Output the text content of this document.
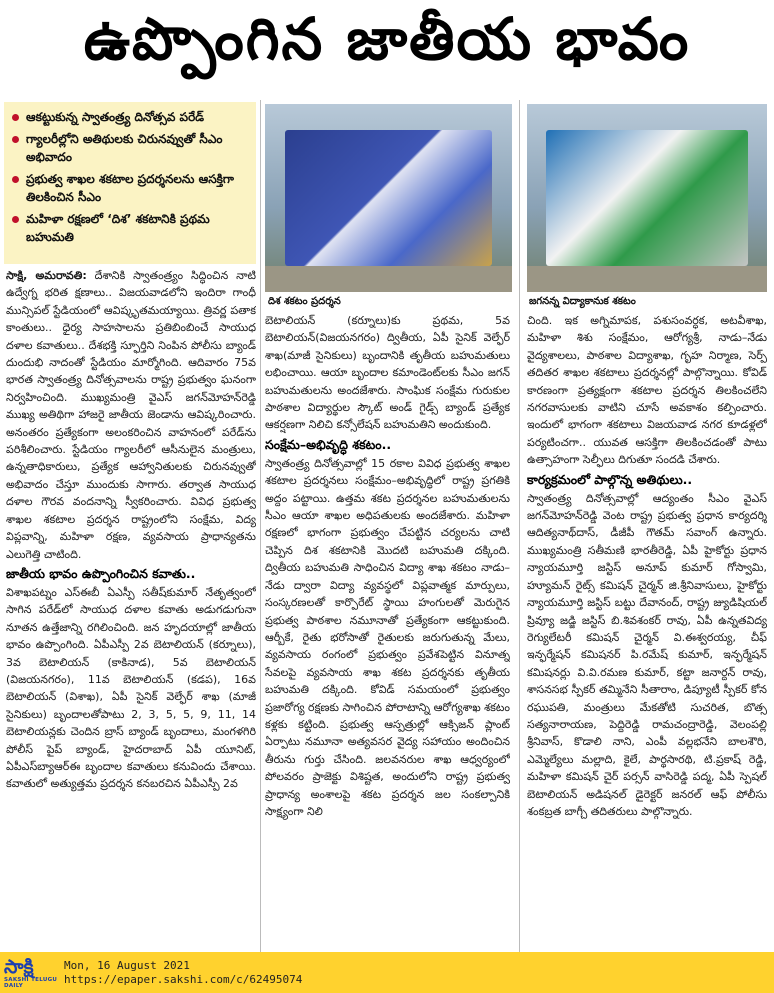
ఉప్పొంగిన జాతీయ భావం
ఆకట్టుకున్న స్వాతంత్ర్య దినోత్సవ పరేడ్
గ్యాలరీల్లోని అతిథులకు చిరునవ్వుతో సీఎం అభివాదం
ప్రభుత్వ శాఖల శకటాల ప్రదర్శనలను ఆసక్తిగా తిలకించిన సీఎం
మహిళా రక్షణలో ‘దిశ’ శకటానికి ప్రథమ బహుమతి
దిశ శకటం ప్రదర్శన	జగనన్న విద్యాకానుక శకటం

సాక్షి, అమరావతి: దేశానికి స్వాతంత్ర్యం సిద్ధించిన నాటి ఉద్వేగ్న భరిత క్షణాలు.. విజయవాడలోని ఇందిరా గాంధీ మున్సిపల్‌ స్టేడియంలో ఆవిష్కృతమయ్యాయి. త్రివర్ణ పతాక కాంతులు.. ధైర్య సాహసాలను ప్రతిబింబించే సాయుధ దళాల కవాతులు.. దేశభక్తి స్ఫూర్తిని నింపిన పోలీసు బ్యాండ్‌ దుందుభి నాదంతో స్టేడియం మార్మోగింది. ఆదివారం 75వ భారత స్వాతంత్ర్య దినోత్సవాలను రాష్ట్ర ప్రభుత్వం ఘనంగా నిర్వహించింది. ముఖ్యమంత్రి వైఎస్‌ జగన్‌మోహన్‌రెడ్డి ముఖ్య అతిథిగా హాజరై జాతీయ జెండాను ఆవిష్కరించారు. అనంతరం ప్రత్యేకంగా అలంకరించిన వాహనంలో పరేడ్‌ను పరిశీలించారు. స్టేడియం గ్యాలరీలో ఆసీనులైన మంత్రులు, ఉన్నతాధికారులు, ప్రత్యేక ఆహ్వానితులకు చిరునవ్వుతో అభివాదం చేస్తూ ముందుకు సాగారు. తర్వాత సాయుధ దళాల గౌరవ వందనాన్ని స్వీకరించారు. వివిధ ప్రభుత్వ శాఖల శకటాల ప్రదర్శన రాష్ట్రంలోని సంక్షేమ, విద్య విప్లవాన్ని, మహిళా రక్షణ, వ్యవసాయ ప్రాధాన్యతను ఎలుగెత్తి చాటింది.

జాతీయ భావం ఉప్పొంగించిన కవాతు..

విశాఖపట్నం ఎస్‌ఈబీ ఏఎస్పీ సతీష్‌కుమార్‌ నేతృత్వంలో సాగిన పరేడ్‌లో సాయుధ దళాల కవాతు అడుగడుగునా నూతన ఉత్తేజాన్ని రగిలించింది. జన హృదయాల్లో జాతీయ భావం ఉప్పొంగింది. ఏపీఎస్పీ 2వ బెటాలియన్‌ (కర్నూలు), 3వ బెటాలియన్‌ (కాకినాడ), 5వ బెటాలియన్‌ (విజయనగరం), 11వ బెటాలియన్‌ (కడప), 16వ బెటాలియన్‌ (విశాఖ), ఏపీ సైనిక్‌ వెల్ఫేర్‌ శాఖ (మాజీ సైనికులు) బృందాలతోపాటు 2, 3, 5, 5, 9, 11, 14 బెటాలియన్లకు చెందిన బ్రాస్‌ బ్యాండ్‌ బృందాలు, మంగళగిరి పోలీస్‌ పైప్‌ బ్యాండ్‌, హైదరాబాద్‌ ఏపీ యూనిట్‌, ఏపీఎస్‌బ్యాఆర్‌ఈ బృందాల కవాతులు కనువిందు చేశాయి. కవాతులో అత్యుత్తమ ప్రదర్శన కనబరచిన ఏపీఎస్పీ 2వ

బెటాలియన్‌ (కర్నూలు)కు ప్రథమ, 5వ బెటాలియన్‌(విజయనగరం) ద్వితీయ, ఏపీ సైనిక్‌ వెల్ఫేర్‌ శాఖ(మాజీ సైనికులు) బృందానికి తృతీయ బహుమతులు లభించాయి. ఆయా బృందాల కమాండెంట్‌లకు సీఎం జగన్‌ బహుమతులను అందజేశారు. సాంఘిక సంక్షేమ గురుకుల పాఠశాల విద్యార్థుల స్కౌట్‌ అండ్‌ గైడ్స్‌ బ్యాండ్‌ ప్రత్యేక ఆకర్షణగా నిలిచి కన్సోలేషన్‌ బహుమతిని అందుకుంది.

సంక్షేమ–అభివృద్ధి శకటం..

స్వాతంత్ర్య దినోత్సవాల్లో 15 రకాల వివిధ ప్రభుత్వ శాఖల శకటాల ప్రదర్శనలు సంక్షేమం–అభివృద్ధిలో రాష్ట్ర ప్రగతికి అద్దం పట్టాయి. ఉత్తమ శకట ప్రదర్శనల బహుమతులను సీఎం ఆయా శాఖల అధిపతులకు అందజేశారు. మహిళా రక్షణలో భాగంగా ప్రభుత్వం చేపట్టిన చర్యలను చాటి చెప్పిన దిశ శకటానికి మొదటి బహుమతి దక్కింది. ద్వితీయ బహుమతి సాధించిన విద్యా శాఖ శకటం నాడు–నేడు ద్వారా విద్యా వ్యవస్థలో విప్లవాత్మక మార్పులు, సంస్కరణలతో కార్పొరేట్‌ స్థాయి హంగులతో మెరుగైన ప్రభుత్వ పాఠశాల నమూనాతో ప్రత్యేకంగా ఆకట్టుకుంది. ఆర్బీకే, రైతు భరోసాతో రైతులకు జరుగుతున్న మేలు, వ్యవసాయ రంగంలో ప్రభుత్వం ప్రవేశపెట్టిన వినూత్న సేవలపై వ్యవసాయ శాఖ శకట ప్రదర్శనకు తృతీయ బహుమతి దక్కింది. కోవిడ్‌ సమయంలో ప్రభుత్వం ప్రజారోగ్య రక్షణకు సాగించిన పోరాటాన్ని ఆరోగ్యశాఖ శకటం కళ్లకు కట్టింది. ప్రభుత్వ ఆస్పత్రుల్లో ఆక్సిజన్‌ ప్లాంట్‌ ఏర్పాటు నమూనా అత్యవసర వైద్య సహాయం అందించిన తీరును గుర్తు చేసింది. జలవనరుల శాఖ ఆధ్వర్యంలో పోలవరం ప్రాజెక్టు విశిష్టత, అందులోని రాష్ట్ర ప్రభుత్వ ప్రాధాన్య అంశాలపై శకట ప్రదర్శన జల సంకల్పానికి సాక్ష్యంగా నిలి

చింది. ఇక అగ్నిమాపక, పశుసంవర్ధక, అటవీశాఖ, మహిళా శిశు సంక్షేమం, ఆరోగ్యశ్రీ, నాడు–నేడు వైద్యశాలలు, పాఠశాల విద్యాశాఖ, గృహ నిర్మాణ, సెర్ప్‌ తదితర శాఖల శకటాలు ప్రదర్శనల్లో పాల్గొన్నాయి. కోవిడ్‌ కారణంగా ప్రత్యక్షంగా శకటాల ప్రదర్శన తిలకించలేని నగరవాసులకు వాటిని చూసే అవకాశం కల్పించారు. ఇందులో భాగంగా శకటాలు విజయవాడ నగర కూడళ్లలో పర్యటించగా.. యువత ఆసక్తిగా తిలకించడంతో పాటు ఉత్సాహంగా సెల్ఫీలు దిగుతూ సందడి చేశారు.

కార్యక్రమంలో పాల్గొన్న అతిథులు..

స్వాతంత్ర్య దినోత్సవాల్లో ఆద్యంతం సీఎం వైఎస్‌ జగన్‌మోహన్‌రెడ్డి వెంట రాష్ట్ర ప్రభుత్వ ప్రధాన కార్యదర్శి ఆదిత్యనాథ్‌దాస్‌, డీజీపీ గౌతమ్‌ సవాంగ్‌ ఉన్నారు. ముఖ్యమంత్రి సతీమణి భారతీరెడ్డి, ఏపీ హైకోర్టు ప్రధాన న్యాయమూర్తి జస్టిస్‌ అనూప్‌ కుమార్‌ గోస్వామి, హ్యూమన్‌ రైట్స్‌ కమిషన్‌ చైర్మన్‌ జి.శ్రీనివాసులు, హైకోర్టు న్యాయమూర్తి జస్టిస్‌ బట్టు దేవానంద్‌, రాష్ట్ర జ్యుడిషియల్‌ ప్రివ్యూ జడ్జి జస్టిస్‌ బి.శివశంకర్‌ రావు, ఏపీ ఉన్నతవిద్య రెగ్యులేటరీ కమిషన్‌ చైర్మన్‌ వి.ఈశ్వరయ్య, చీఫ్‌ ఇన్ఫర్మేషన్‌ కమిషనర్‌ పి.రమేష్‌ కుమార్‌, ఇన్ఫర్మేషన్‌ కమిషనర్లు వి.వి.రమణ కుమార్‌, కట్టా జనార్దన్‌ రావు, శాసనసభ స్పీకర్‌ తమ్మినేని సీతారాం, డిప్యూటీ స్పీకర్‌ కోన రఘుపతి, మంత్రులు మేకతోటి సుచరిత, బొత్స సత్యనారాయణ, పెద్దిరెడ్డి రామచంద్రారెడ్డి, వెలంపల్లి శ్రీనివాస్‌, కొడాలి నాని, ఎంపీ వల్లభనేని బాలశౌరి, ఎమ్మెల్యేలు మల్లాది, కైలే, పార్థసారథి, టి.ప్రకాష్‌ రెడ్డి, మహిళా కమిషన్‌ చైర్‌ పర్సన్‌ వాసిరెడ్డి పద్మ, ఏపీ స్పెషల్‌ బెటాలియన్‌ అడిషనల్‌ డైరెక్టర్‌ జనరల్‌ ఆఫ్‌ పోలీసు శంకబ్రత బాగ్చీ తదితరులు పాల్గొన్నారు.

సాక్షి
SAKSHI TELUGU DAILY
Mon, 16 August 2021
https://epaper.sakshi.com/c/62495074
